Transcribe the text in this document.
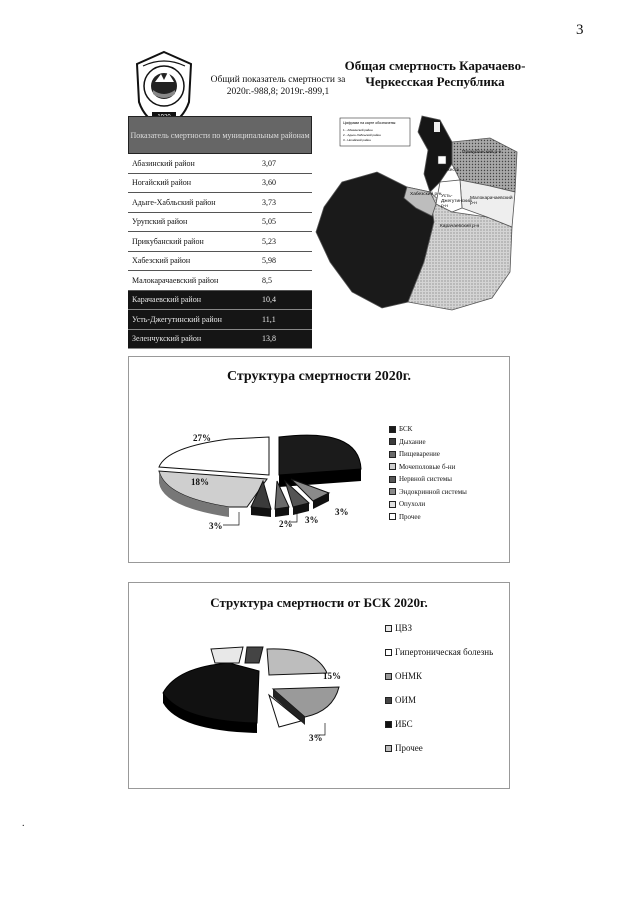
3
Общая смертность Карачаево-Черкесская Республика
Общий показатель смертности за 2020г.-988,8; 2019г.-899,1
Показатель смертности по муниципальным районам
Абазинский район	3,07
Ногайский район	3,60
Адыге-Хабльский район	3,73
Урупский район	5,05
Прикубанский район	5,23
Хабезский район	5,98
Малокарачаевский район	8,5
Карачаевский район	10,4
Усть-Джегутинский район	11,1
Зеленчукский район	13,8
Цифрами на карте обозначены:
1 - Абазинский район
2 - Адыге-Хабльский район
3 - Ногайский район
Прикубанский р-н
Черкесск
Усть-Джегутинский р-н
Малокарачаевский р-н
Хабезский р-н
Карачаевский р-н
Структура смертности 2020г.
27%
18%
3%	2% 3%
3%
БСК
Дыхание
Пищеварение
Мочеполовые б-ни
Нервной системы
Эндокринной системы
Опухоли
Прочее
Структура смертности от БСК 2020г.
15%
3%
ЦВЗ
Гипертоническая болезнь
ОНМК
ОИМ
ИБС
Прочее
.
